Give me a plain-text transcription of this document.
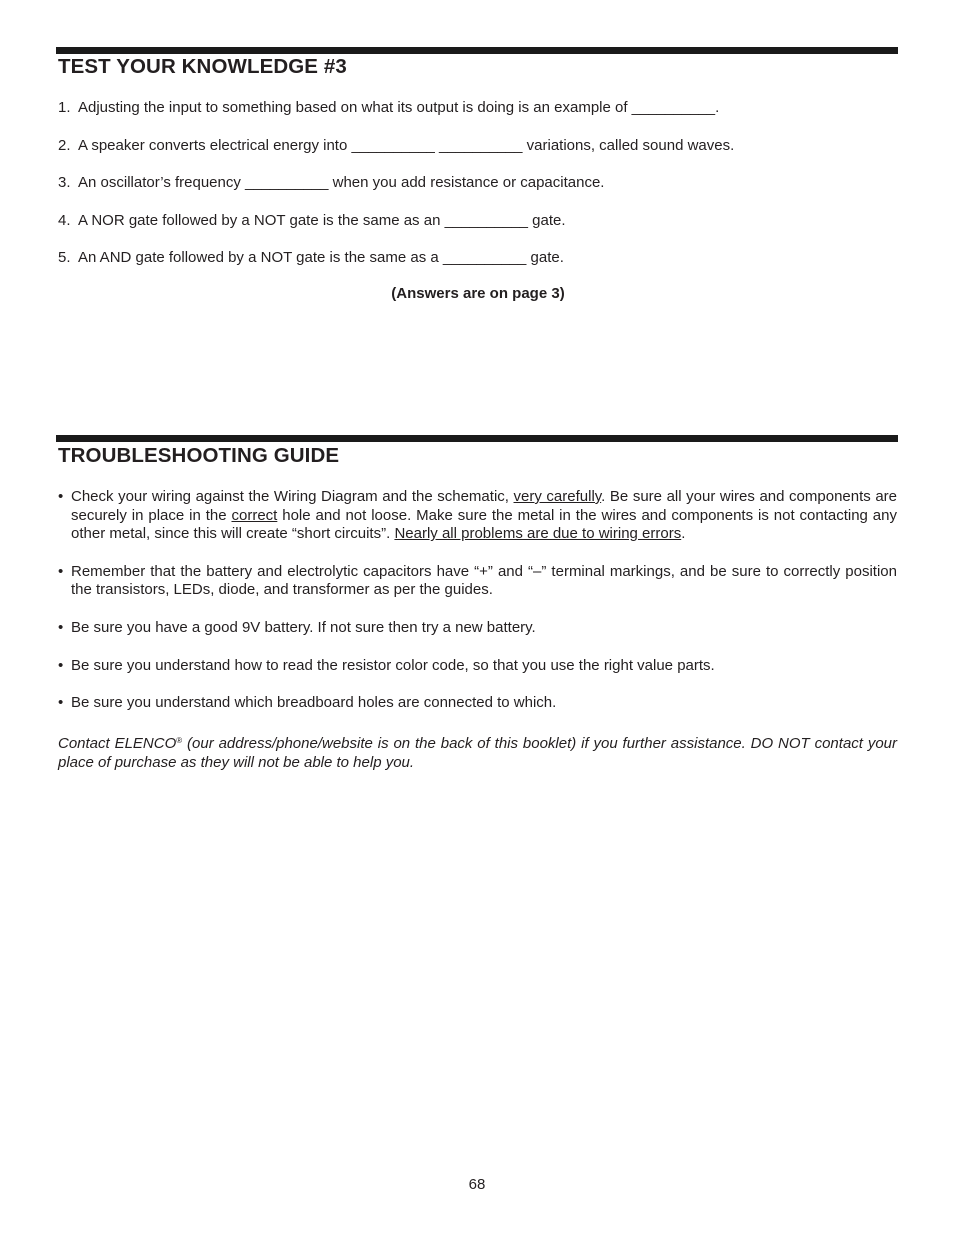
TEST YOUR KNOWLEDGE #3
1. Adjusting the input to something based on what its output is doing is an example of __________.
2. A speaker converts electrical energy into __________ __________ variations, called sound waves.
3. An oscillator’s frequency __________ when you add resistance or capacitance.
4. A NOR gate followed by a NOT gate is the same as an __________ gate.
5. An AND gate followed by a NOT gate is the same as a __________ gate.
(Answers are on page 3)
TROUBLESHOOTING GUIDE
• Check your wiring against the Wiring Diagram and the schematic, very carefully. Be sure all your wires and components are securely in place in the correct hole and not loose. Make sure the metal in the wires and components is not contacting any other metal, since this will create “short circuits”. Nearly all problems are due to wiring errors.
• Remember that the battery and electrolytic capacitors have “+” and “–” terminal markings, and be sure to correctly position the transistors, LEDs, diode, and transformer as per the guides.
• Be sure you have a good 9V battery. If not sure then try a new battery.
• Be sure you understand how to read the resistor color code, so that you use the right value parts.
• Be sure you understand which breadboard holes are connected to which.
Contact ELENCO® (our address/phone/website is on the back of this booklet) if you further assistance. DO NOT contact your place of purchase as they will not be able to help you.
68
